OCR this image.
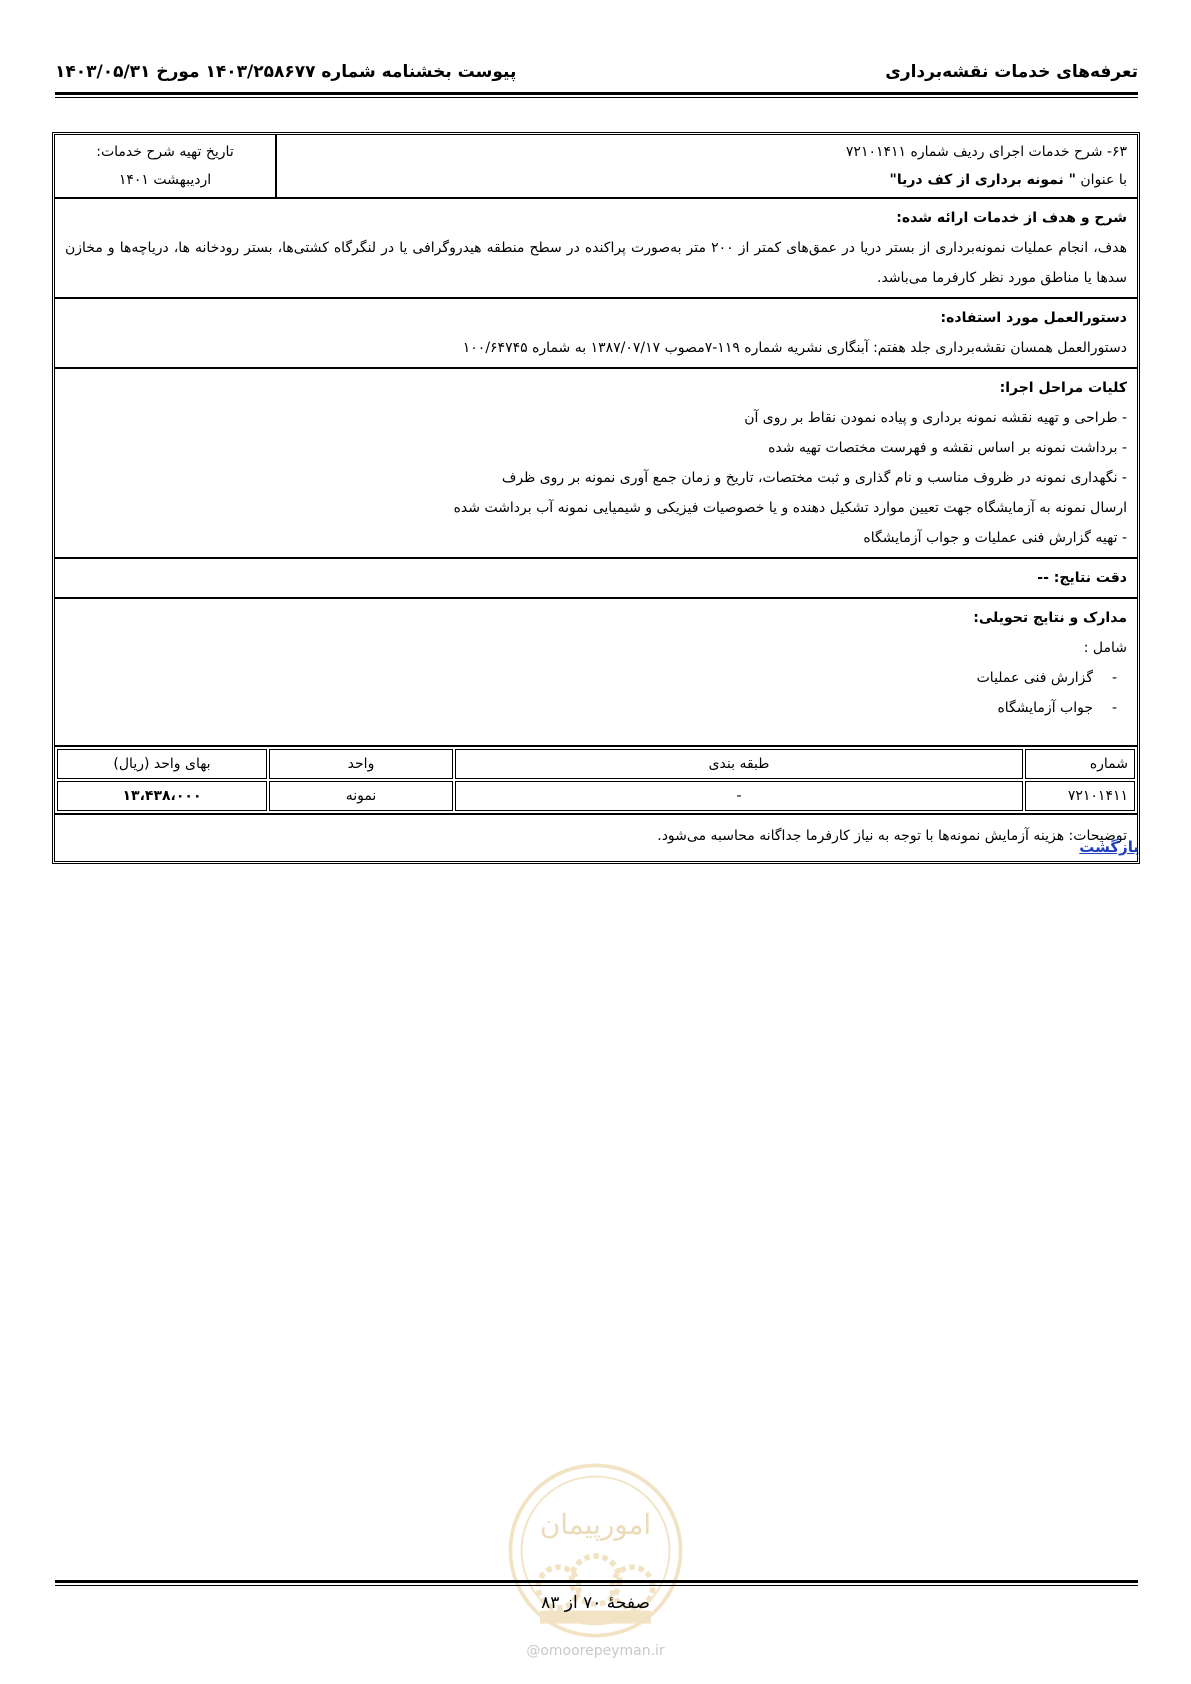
تعرفه‌های خدمات نقشه‌برداری
پیوست بخشنامه شماره ۱۴۰۳/۲۵۸۶۷۷ مورخ ۱۴۰۳/۰۵/۳۱
۶۳- شرح خدمات اجرای ردیف شماره ۷۲۱۰۱۴۱۱
با عنوان " نمونه برداری از کف دریا"
تاریخ تهیه شرح خدمات:
اردیبهشت ۱۴۰۱
شرح و هدف از خدمات ارائه شده:
هدف، انجام عملیات نمونه‌برداری از بستر دریا در عمق‌های کمتر از ۲۰۰ متر به‌صورت پراکنده در سطح منطقه هیدروگرافی یا در لنگرگاه کشتی‌ها، بستر رودخانه ها، دریاچه‌ها و مخازن سدها یا مناطق مورد نظر کارفرما می‌باشد.
دستورالعمل مورد استفاده:
دستورالعمل همسان نقشه‌برداری جلد هفتم: آبنگاری نشریه شماره ۱۱۹-۷مصوب ۱۳۸۷/۰۷/۱۷ به شماره ۱۰۰/۶۴۷۴۵
کلیات مراحل اجرا:
- طراحی و تهیه نقشه نمونه برداری و پیاده نمودن نقاط بر روی آن
- برداشت نمونه بر اساس نقشه و فهرست مختصات تهیه شده
- نگهداری نمونه در ظروف مناسب و نام گذاری و ثبت مختصات، تاریخ و زمان جمع آوری نمونه بر روی ظرف
ارسال نمونه به آزمایشگاه جهت تعیین موارد تشکیل دهنده و یا خصوصیات فیزیکی و شیمیایی نمونه آب برداشت شده
- تهیه گزارش فنی عملیات و جواب آزمایشگاه
دقت نتایج: --
مدارک و نتایج تحویلی:
شامل :
- گزارش فنی عملیات
- جواب آزمایشگاه
شماره	طبقه بندی	واحد	بهای واحد (ریال)
۷۲۱۰۱۴۱۱	-	نمونه	۱۳،۴۳۸،۰۰۰
توضیحات: هزینه آزمایش نمونه‌ها با توجه به نیاز کارفرما جداگانه محاسبه می‌شود.
بازگشت
امورپیمان
صفحۀ ۷۰ از ۸۳
@omoorepeyman.ir
